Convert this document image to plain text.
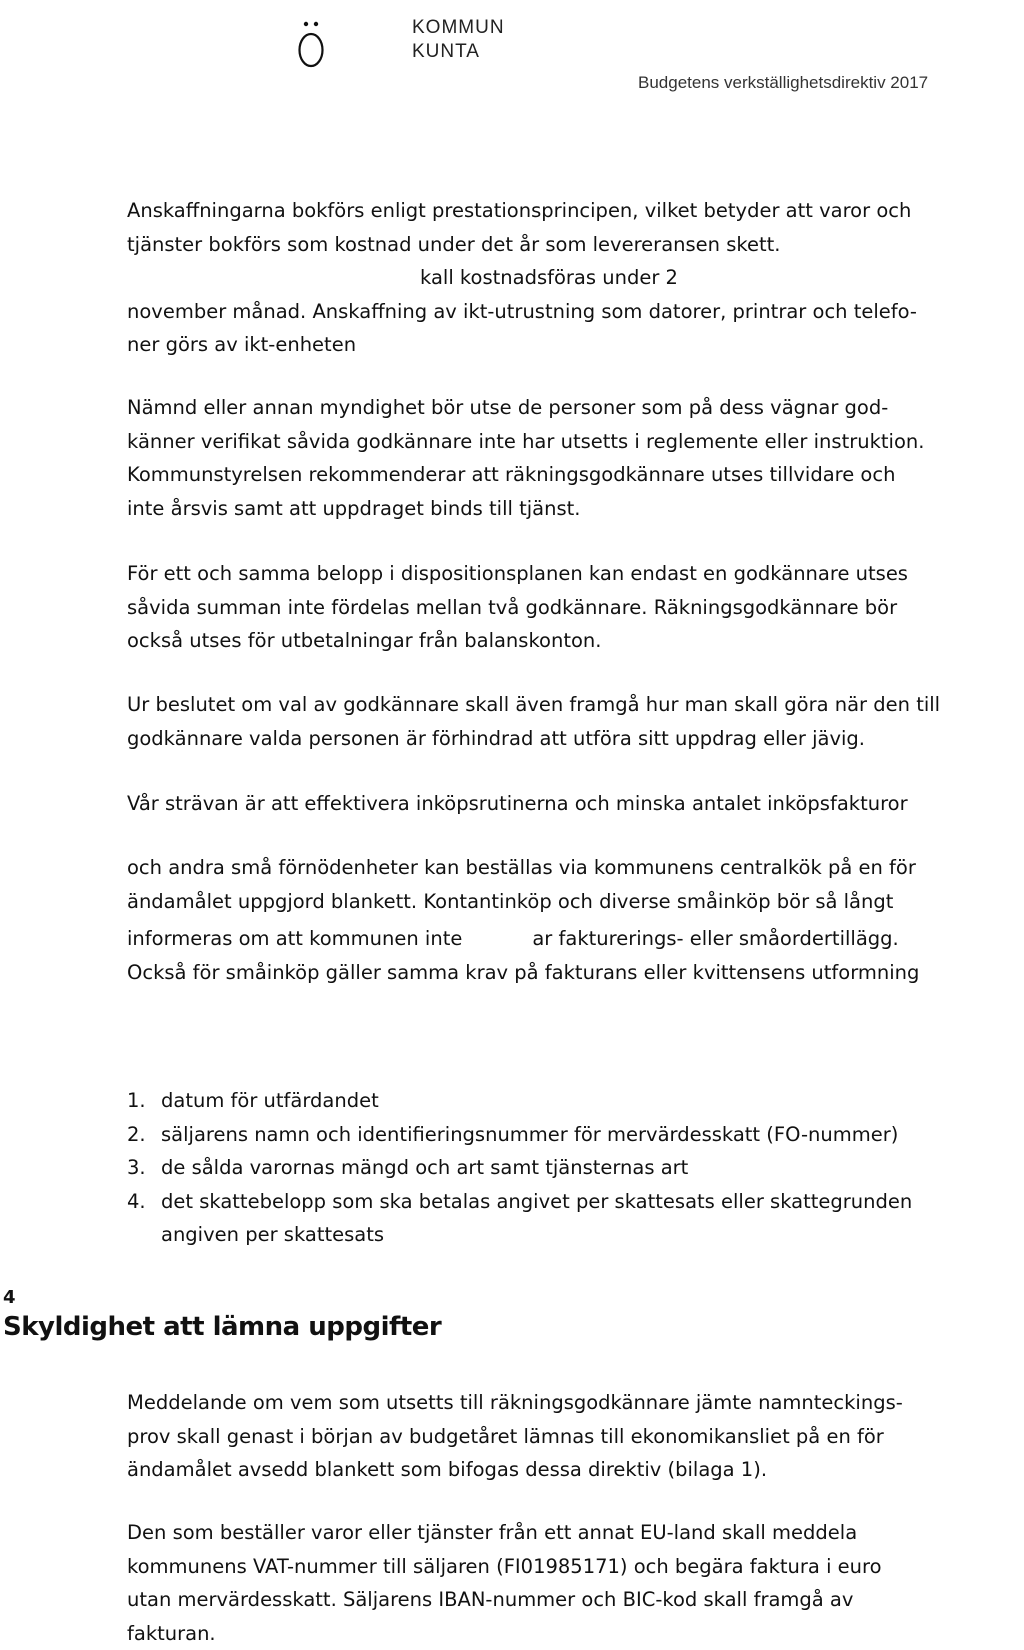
KOMMUN
KUNTA
Budgetens verkställighetsdirektiv 2017
Anskaffningarna bokförs enligt prestationsprincipen, vilket betyder att varor och
tjänster bokförs som kostnad under det år som levereransen skett.
kall kostnadsföras under 2
november månad. Anskaffning av ikt-utrustning som datorer, printrar och telefo-
ner görs av ikt-enheten
Nämnd eller annan myndighet bör utse de personer som på dess vägnar god-
känner verifikat såvida godkännare inte har utsetts i reglemente eller instruktion.
Kommunstyrelsen rekommenderar att räkningsgodkännare utses tillvidare och
inte årsvis samt att uppdraget binds till tjänst.
För ett och samma belopp i dispositionsplanen kan endast en godkännare utses
såvida summan inte fördelas mellan två godkännare. Räkningsgodkännare bör
också utses för utbetalningar från balanskonton.
Ur beslutet om val av godkännare skall även framgå hur man skall göra när den till
godkännare valda personen är förhindrad att utföra sitt uppdrag eller jävig.
Vår strävan är att effektivera inköpsrutinerna och minska antalet inköpsfakturor
och andra små förnödenheter kan beställas via kommunens centralkök på en för
ändamålet uppgjord blankett. Kontantinköp och diverse småinköp bör så långt
informeras om att kommunen inte	ar fakturerings- eller småordertillägg.
Också för småinköp gäller samma krav på fakturans eller kvittensens utformning
1. datum för utfärdandet
2. säljarens namn och identifieringsnummer för mervärdesskatt (FO-nummer)
3. de sålda varornas mängd och art samt tjänsternas art
4. det skattebelopp som ska betalas angivet per skattesats eller skattegrunden
angiven per skattesats
4
Skyldighet att lämna uppgifter
Meddelande om vem som utsetts till räkningsgodkännare jämte namnteckings-
prov skall genast i början av budgetåret lämnas till ekonomikansliet på en för
ändamålet avsedd blankett som bifogas dessa direktiv (bilaga 1).
Den som beställer varor eller tjänster från ett annat EU-land skall meddela
kommunens VAT-nummer till säljaren (FI01985171) och begära faktura i euro
utan mervärdesskatt. Säljarens IBAN-nummer och BIC-kod skall framgå av
fakturan.
